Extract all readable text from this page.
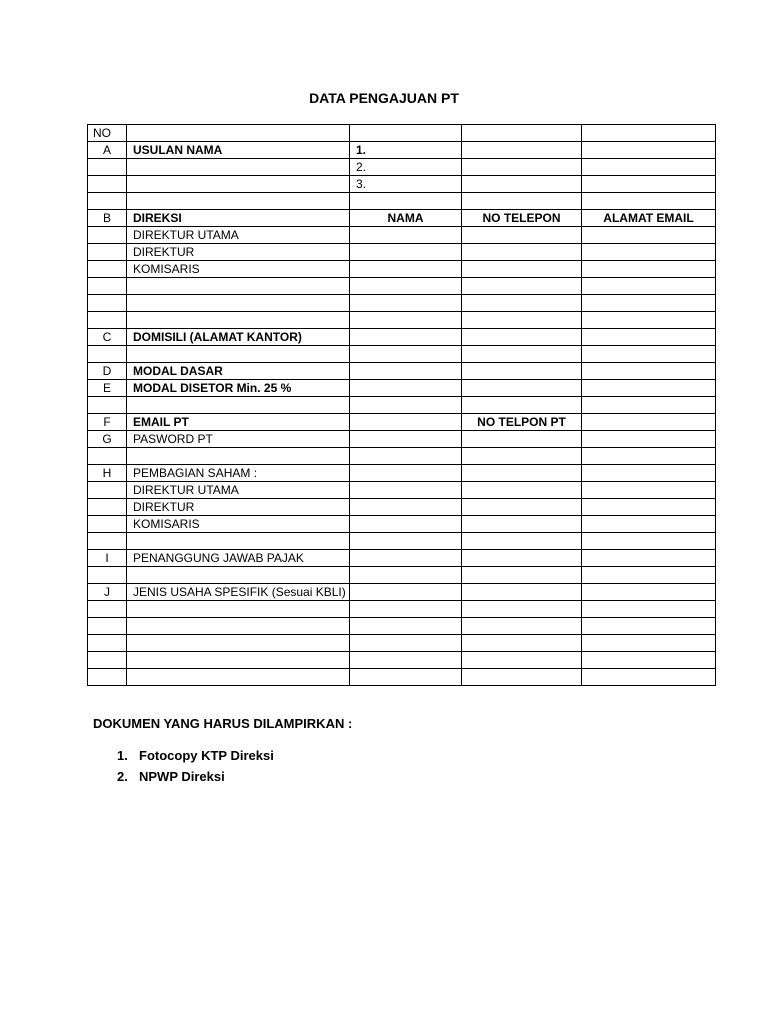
DATA PENGAJUAN PT
NO				
A	USULAN NAMA	1.		
		2.		
		3.		

B	DIREKSI	NAMA	NO TELEPON	ALAMAT EMAIL
	DIREKTUR UTAMA			
	DIREKTUR			
	KOMISARIS			

C	DOMISILI (ALAMAT KANTOR)			

D	MODAL DASAR			
E	MODAL DISETOR Min. 25 %			

F	EMAIL PT		NO TELPON PT	
G	PASWORD PT			

H	PEMBAGIAN SAHAM :			
	DIREKTUR UTAMA			
	DIREKTUR			
	KOMISARIS			

I	PENANGGUNG JAWAB PAJAK			

J	JENIS USAHA SPESIFIK (Sesuai KBLI)			

DOKUMEN YANG HARUS DILAMPIRKAN :
1. Fotocopy KTP Direksi
2. NPWP Direksi
